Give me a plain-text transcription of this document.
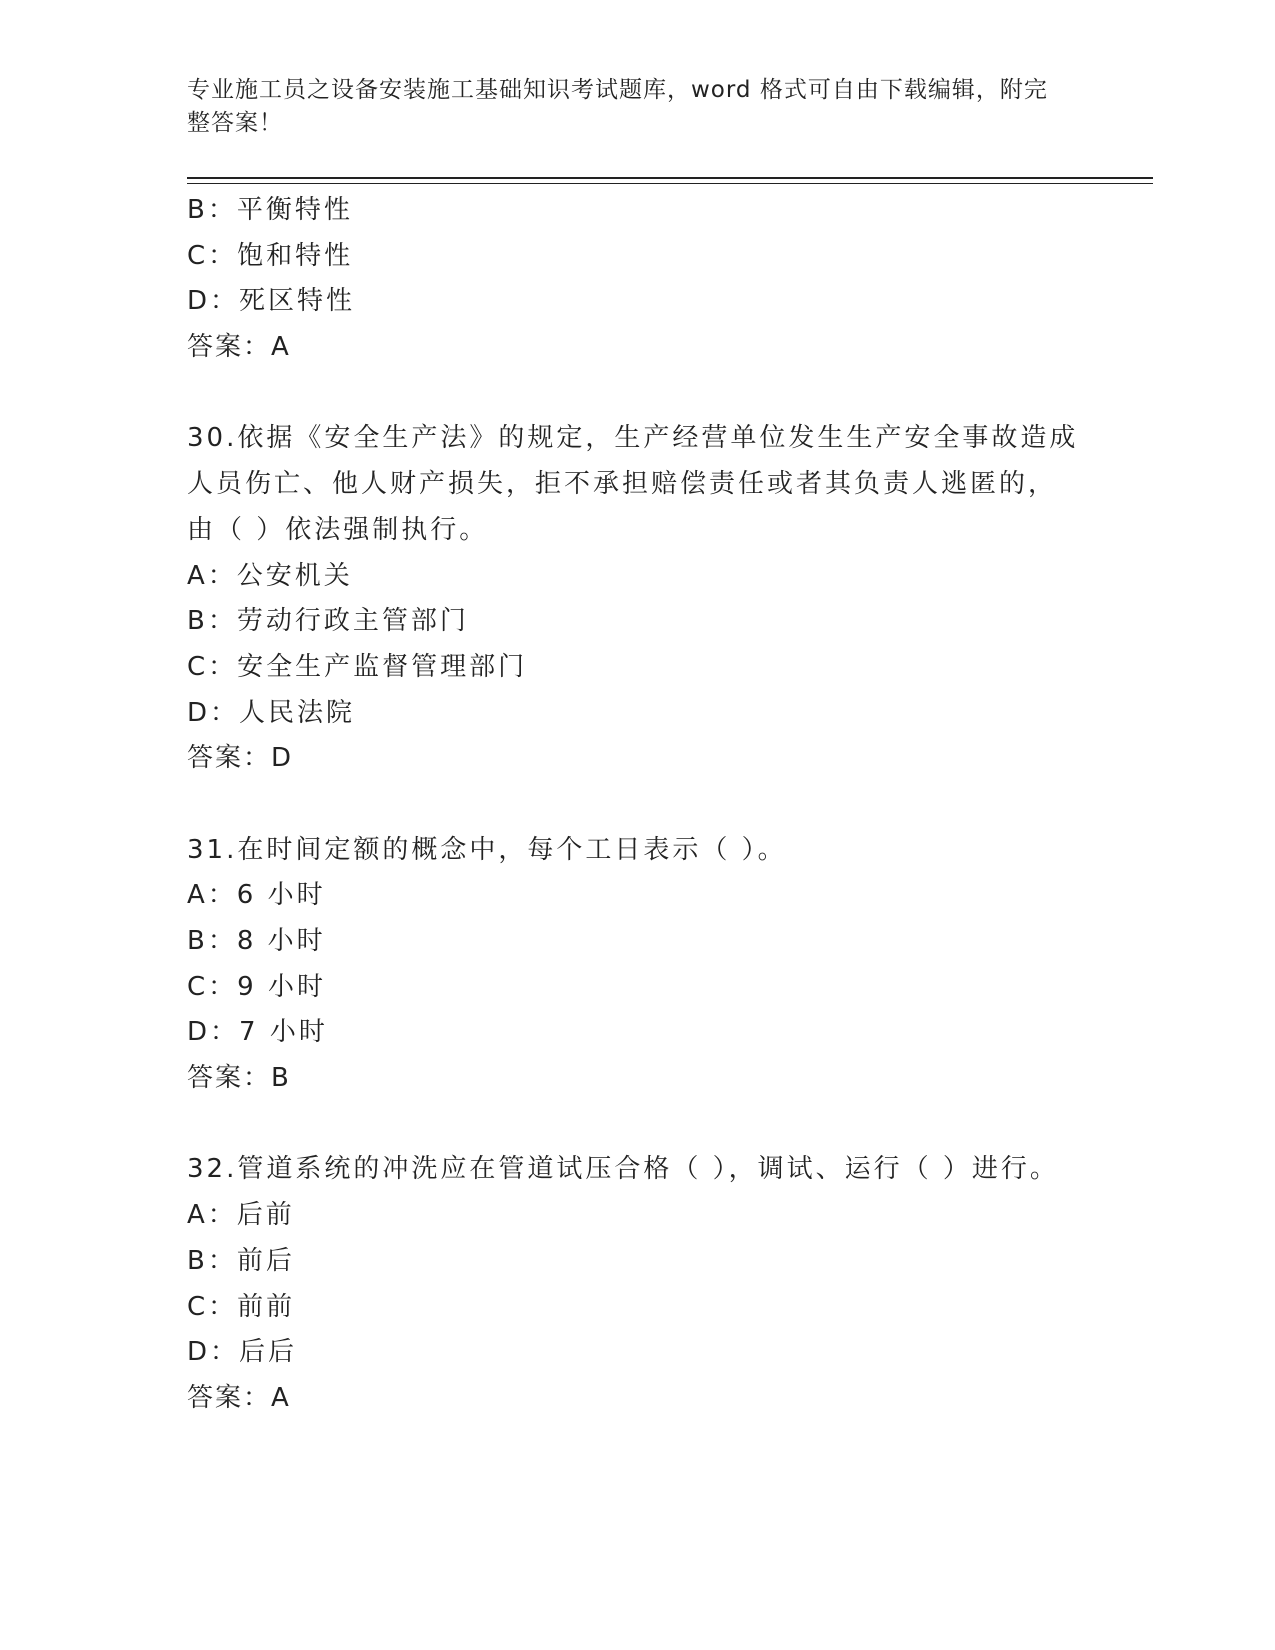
专业施工员之设备安装施工基础知识考试题库，word 格式可自由下载编辑，附完
整答案！
B：平衡特性
C：饱和特性
D：死区特性
答案：A
30.依据《安全生产法》的规定，生产经营单位发生生产安全事故造成
人员伤亡、他人财产损失，拒不承担赔偿责任或者其负责人逃匿的，
由（ ）依法强制执行。
A：公安机关
B：劳动行政主管部门
C：安全生产监督管理部门
D：人民法院
答案：D
31.在时间定额的概念中，每个工日表示（ ）。
A：6 小时
B：8 小时
C：9 小时
D：7 小时
答案：B
32.管道系统的冲洗应在管道试压合格（ ），调试、运行（ ）进行。
A：后前
B：前后
C：前前
D：后后
答案：A
